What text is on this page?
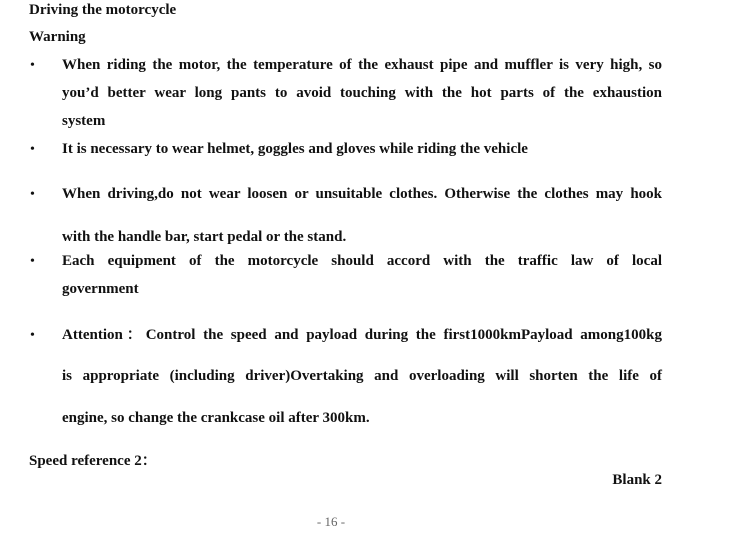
Driving the motorcycle
Warning
• When riding the motor, the temperature of the exhaust pipe and muffler is very high, so
you’d better wear long pants to avoid touching with the hot parts of the exhaustion
system
• It is necessary to wear helmet, goggles and gloves while riding the vehicle
• When driving,do not wear loosen or unsuitable clothes. Otherwise the clothes may hook
with the handle bar, start pedal or the stand.
• Each equipment of the motorcycle should accord with the traffic law of local
government
• Attention：Control the speed and payload during the first1000kmPayload among100kg
is appropriate (including driver)Overtaking and overloading will shorten the life of
engine, so change the crankcase oil after 300km.
Speed reference 2：
Blank 2
- 16 -
